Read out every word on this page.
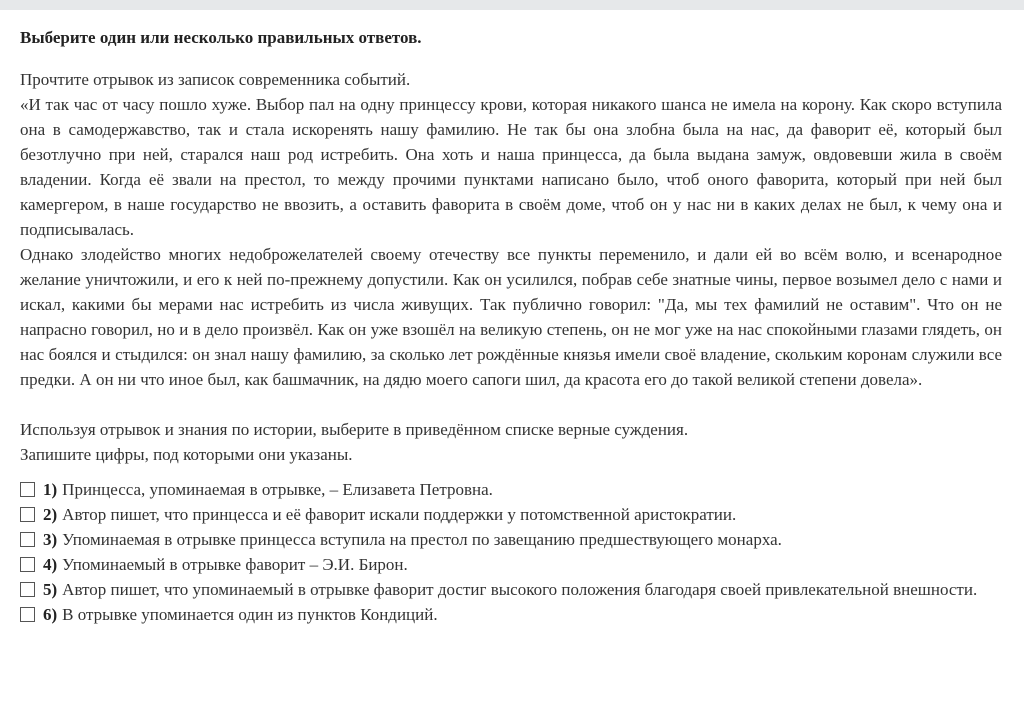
Выберите один или несколько правильных ответов.

Прочтите отрывок из записок современника событий.

«И так час от часу пошло хуже. Выбор пал на одну принцессу крови, которая никакого шанса не имела на корону. Как скоро вступила она в самодержавство, так и стала искоренять нашу фамилию. Не так бы она злобна была на нас, да фаворит её, который был безотлучно при ней, старался наш род истребить. Она хоть и наша принцесса, да была выдана замуж, овдовевши жила в своём владении. Когда её звали на престол, то между прочими пунктами написано было, чтоб оного фаворита, который при ней был камергером, в наше государство не ввозить, а оставить фаворита в своём доме, чтоб он у нас ни в каких делах не был, к чему она и подписывалась.

Однако злодейство многих недоброжелателей своему отечеству все пункты переменило, и дали ей во всём волю, и всенародное желание уничтожили, и его к ней по-прежнему допустили. Как он усилился, побрав себе знатные чины, первое возымел дело с нами и искал, какими бы мерами нас истребить из числа живущих. Так публично говорил: "Да, мы тех фамилий не оставим". Что он не напрасно говорил, но и в дело произвёл. Как он уже взошёл на великую степень, он не мог уже на нас спокойными глазами глядеть, он нас боялся и стыдился: он знал нашу фамилию, за сколько лет рождённые князья имели своё владение, скольким коронам служили все предки. А он ни что иное был, как башмачник, на дядю моего сапоги шил, да красота его до такой великой степени довела».

Используя отрывок и знания по истории, выберите в приведённом списке верные суждения.

Запишите цифры, под которыми они указаны.

1) Принцесса, упоминаемая в отрывке, – Елизавета Петровна.
2) Автор пишет, что принцесса и её фаворит искали поддержки у потомственной аристократии.
3) Упоминаемая в отрывке принцесса вступила на престол по завещанию предшествующего монарха.
4) Упоминаемый в отрывке фаворит – Э.И. Бирон.
5) Автор пишет, что упоминаемый в отрывке фаворит достиг высокого положения благодаря своей привлекательной внешности.
6) В отрывке упоминается один из пунктов Кондиций.
